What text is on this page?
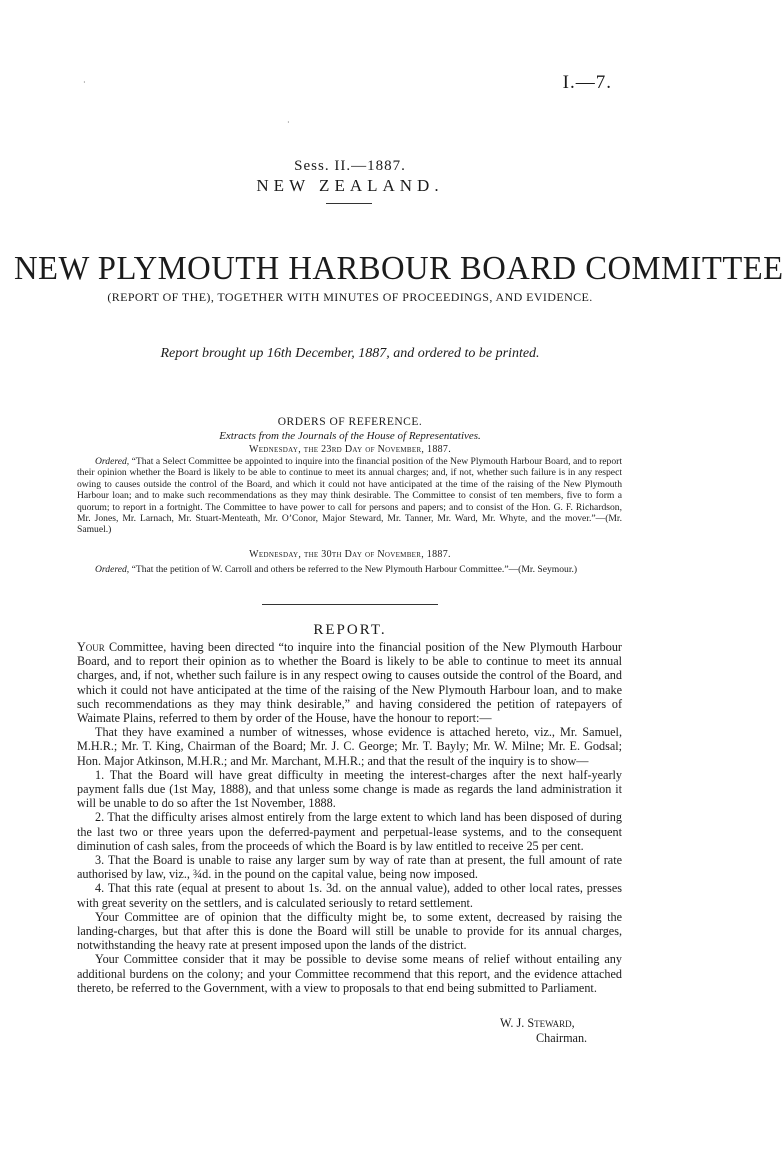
I.—7.
·
·
Sess. II.—1887.
NEW ZEALAND.
NEW PLYMOUTH HARBOUR BOARD COMMITTEE
(REPORT OF THE), TOGETHER WITH MINUTES OF PROCEEDINGS, AND EVIDENCE.
Report brought up 16th December, 1887, and ordered to be printed.
ORDERS OF REFERENCE.
Extracts from the Journals of the House of Representatives.
Wednesday, the 23rd Day of November, 1887.

Ordered, “That a Select Committee be appointed to inquire into the financial position of the New Plymouth Harbour Board, and to report their opinion whether the Board is likely to be able to continue to meet its annual charges; and, if not, whether such failure is in any respect owing to causes outside the control of the Board, and which it could not have anticipated at the time of the raising of the New Plymouth Harbour loan; and to make such recommendations as they may think desirable. The Committee to consist of ten members, five to form a quorum; to report in a fortnight. The Committee to have power to call for persons and papers; and to consist of the Hon. G. F. Richardson, Mr. Jones, Mr. Larnach, Mr. Stuart-Menteath, Mr. O’Conor, Major Steward, Mr. Tanner, Mr. Ward, Mr. Whyte, and the mover.”—(Mr. Samuel.)

Wednesday, the 30th Day of November, 1887.

Ordered, “That the petition of W. Carroll and others be referred to the New Plymouth Harbour Committee.”—(Mr. Seymour.)

REPORT.

Your Committee, having been directed “to inquire into the financial position of the New Plymouth Harbour Board, and to report their opinion as to whether the Board is likely to be able to continue to meet its annual charges, and, if not, whether such failure is in any respect owing to causes outside the control of the Board, and which it could not have anticipated at the time of the raising of the New Plymouth Harbour loan, and to make such recommendations as they may think desirable,” and having considered the petition of ratepayers of Waimate Plains, referred to them by order of the House, have the honour to report:—

That they have examined a number of witnesses, whose evidence is attached hereto, viz., Mr. Samuel, M.H.R.; Mr. T. King, Chairman of the Board; Mr. J. C. George; Mr. T. Bayly; Mr. W. Milne; Mr. E. Godsal; Hon. Major Atkinson, M.H.R.; and Mr. Marchant, M.H.R.; and that the result of the inquiry is to show—

1. That the Board will have great difficulty in meeting the interest-charges after the next half-yearly payment falls due (1st May, 1888), and that unless some change is made as regards the land administration it will be unable to do so after the 1st November, 1888.

2. That the difficulty arises almost entirely from the large extent to which land has been disposed of during the last two or three years upon the deferred-payment and perpetual-lease systems, and to the consequent diminution of cash sales, from the proceeds of which the Board is by law entitled to receive 25 per cent.

3. That the Board is unable to raise any larger sum by way of rate than at present, the full amount of rate authorised by law, viz., ¾d. in the pound on the capital value, being now imposed.

4. That this rate (equal at present to about 1s. 3d. on the annual value), added to other local rates, presses with great severity on the settlers, and is calculated seriously to retard settlement.

Your Committee are of opinion that the difficulty might be, to some extent, decreased by raising the landing-charges, but that after this is done the Board will still be unable to provide for its annual charges, notwithstanding the heavy rate at present imposed upon the lands of the district.

Your Committee consider that it may be possible to devise some means of relief without entailing any additional burdens on the colony; and your Committee recommend that this report, and the evidence attached thereto, be referred to the Government, with a view to proposals to that end being submitted to Parliament.

W. J. Steward,
Chairman.
